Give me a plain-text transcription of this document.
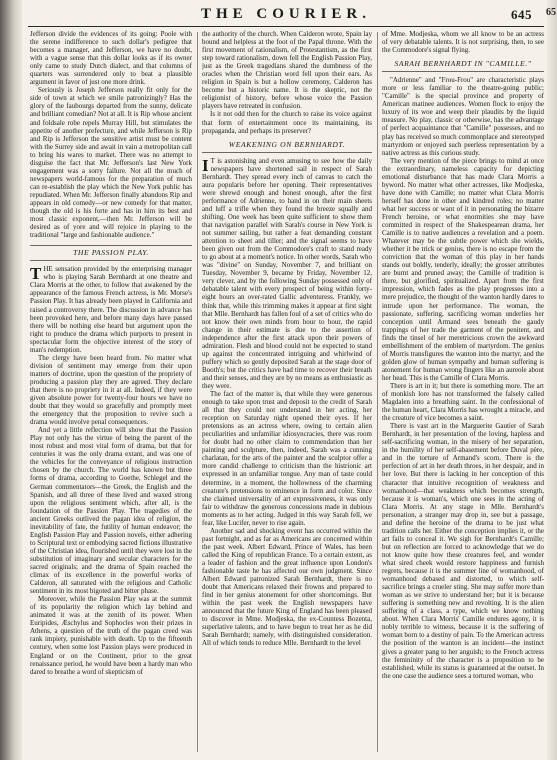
65
THE COURIER.	645

Jefferson divide the evidences of its going: Poole with the serene indifference to such dollar's pedigree that becomes a manager, and Jefferson, we have no doubt, with a vague sense that this dollar looks as if its owner only came to study Dutch dialect, and that columns of quarters was surrendered only to beat a plausible argument in favor of just one more drink.

Seriously is Joseph Jefferson really fit only for the side of town at which we smile patronizingly? Has the glory of the faubourgs departed from the sunny, delicate and brilliant comedian? Not at all. It is Rip whose ancient and foldsale robe repels Murray Hill, but stimulates the appetite of another prefecture, and while Jefferson is Rip and Rip is Jefferson the sensitive artist must be content with the Surrey side and await in vain a metropolitan call to bring his wares to market. There was no attempt to disguise the fact that Mr. Jefferson's last New York engagement was a sorry failure. Not all the much of newspapers world-famous for the preparation of much can re-establish the play which the New York public has repudiated. When Mr. Jefferson finally abandons Rip and appears in old comedy—or new comedy for that matter, though the old is his forte and has in him its best and most classic exponent,—then Mr. Jefferson will be desired as of yore and will rejoice in playing to the traditional "large and fashionable audience."

THE PASSION PLAY.

THE sensation provided by the enterprising manager who is playing Sarah Bernhardt at one theatre and Clara Morris at the other, to follow that awakened by the appearance of the famous French actress, is Mr. Morse's Passion Play. It has already been played in California and raised a controversy there. The discussion in advance has been provoked here, and before many days have passed there will be nothing else heard but argument upon the right to produce the drama which purports to present in spectacular form the objective interest of the story of man's redemption.

The clergy have been heard from. No matter what division of sentiment may emerge from their upon matters of doctrine, upon the question of the propriety of producing a passion play they are agreed. They declare that there is no propriety in it at all. Indeed, if they were given absolute power for twenty-four hours we have no doubt that they would so gracefully and promptly meet the emergency that the proposition to revive such a drama would involve penal consequences.

And yet a little reflection will show that the Passion Play not only has the virtue of being the parent of the most robust and most vital form of drama, but that for centuries it was the only drama extant, and was one of the vehicles for the conveyance of religious instruction chosen by the church. The world has known but three forms of drama, according to Goethe, Schlegel and the German commentators—the Greek, the English and the Spanish, and all three of these lived and waxed strong upon the religious sentiment which, after all, is the foundation of the Passion Play. The tragedies of the ancient Greeks outlived the pagan idea of religion, the inevitability of fate, the futility of human endeavor; the English Passion Play and Passion novels, either adhering to Scriptural text or embodying sacred fictions illustrative of the Christian idea, flourished until they were lost in the substitution of imaginary and secular characters for the sacred originals; and the drama of Spain reached the climax of its excellence in the powerful works of Calderon, all saturated with the religious and Catholic sentiment in its most bigoted and bitter phase.

Moreover, while the Passion Play was at the summit of its popularity the religion which lay behind and animated it was at the zenith of its power. When Euripides, Æschylus and Sophocles won their prizes in Athens, a question of the truth of the pagan creed was rank impiety, punishable with death. Up to the fifteenth century, when some lost Passion plays were produced in England or on the Continent, prior to the great renaissance period, he would have been a hardy man who dared to breathe a word of skepticism of

the authority of the church. When Calderon wrote, Spain lay bound and helpless at the foot of the Papal throne. With the first movement of rationalism, of Protestantism, as the first step toward rationalism, down fell the English Passion Play, just as the Greek tragedians shared the dumbness of the oracles when the Christian word fell upon their ears. As religion in Spain is but a hollow ceremony, Calderon has become but a historic name. It is the skeptic, not the religionist of history, before whose voice the Passion players have retreated in confusion.

Is it not odd then for the church to raise its voice against that form of entertainment once its maintaining, its propaganda, and perhaps its preserver?

WEAKENING ON BERNHARDT.

I T is astonishing and even amusing to see how the daily newspapers have shortened sail in respect of Sarah Bernhardt. They spread every inch of canvas to catch the aura popularis before her opening. Their representatives were shrewd enough and honest enough, after the first performance of Adrienne, to hand in on their main sheets and luff a trifle when they found the breeze squally and shifting. One week has been quite sufficient to show them that navigation parallel with Sarah's course in New York is not summer sailing, but rather a feat demanding constant attention to sheet and tiller; and the signal seems to have been given out from the Commodore's craft to stand ready to go about at a moment's notice. In other words, Sarah who was "divine" on Sunday, November 7, and brilliant on Tuesday, November 9, became by Friday, November 12, very clever, and by the following Sunday possessed only of debatable talent with every prospect of being within forty-eight hours an over-rated Gallic adventuress. Frankly, we think that, while this trimming makes it appear at first sight that Mlle. Bernhardt has fallen foul of a set of critics who do not know their own minds from hour to hour, the rapid change in their estimate is due to the assertion of independence after the first attack upon their powers of admiration. Flesh and blood could not be expected to stand up against the concentrated intriguing and whirlwind of puffery which so gently deposited Sarah at the stage door of Booth's; but the critics have had time to recover their breath and their senses, and they are by no means as enthusiastic as they were.

The fact of the matter is, that while they were generous enough to take upon trust and deposit to the credit of Sarah all that they could not understand in her acting, her reception on Saturday night opened their eyes. If her pretensions as an actress where, owing to certain alien peculiarities and unfamiliar idiosyncracies, there was room for doubt had no other claim to commendation than her painting and sculpture, then, indeed, Sarah was a cunning charlatan, for the arts of the painter and the sculptor offer a more candid challenge to criticism than the histrionic art expressed in an unfamiliar tongue. Any man of taste could determine, in a moment, the hollowness of the charming creature's pretensions to eminence in form and color. Since she claimed universality of art expressiveness, it was only fair to withdraw the generous concessions made in dubious moments as to her acting. Judged in this way Sarah fell, we fear, like Lucifer, never to rise again.

Another sad and shocking event has occurred within the past fortnight, and as far as Americans are concerned within the past week. Albert Edward, Prince of Wales, has been called the King of republican France. To a certain extent, as a leader of fashion and the great influence upon London's fashionable taste he has affected our own judgment. Since Albert Edward patronized Sarah Bernhardt, there is no doubt that Americans relaxed their frowns and prepared to find in her genius atonement for other shortcomings. But within the past week the English newspapers have announced that the future King of England has been pleased to discover in Mme. Modjeska, the ex-Countess Bozenta, superlative talents, and to have begun to treat her as he did Sarah Bernhardt; namely, with distinguished consideration. All of which tends to reduce Mlle. Bernhardt to the level

of Mme. Modjeska, whom we all know to be an actress of very debatable talents. It is not surprising, then, to see the Commodore's signal flying.

SARAH BERNHARDT IN "CAMILLE."

"Adrienne" and "Frou-Frou" are characteristic plays more or less familiar to the theatre-going public; "Camille" is the special province and property of American matinee audiences. Women flock to enjoy the luxury of its woe and weep their plaudits by the liquid measure. No play, classic or otherwise, has the advantage of perfect acquaintance that "Camille" possesses, and no play has received so much commonplace and stereotyped martyrdom or enjoyed such peerless representation by a native actress as this curious study.

The very mention of the piece brings to mind at once the extraordinary, nameless capacity for depicting emotional disturbance that has made Clara Morris a byword. No matter what other actresses, like Modjeska, have done with Camille; no matter what Clara Morris herself has done in other and kindred roles; no matter what her success or want of it in personating the bizarre French heroine, or what enormities she may have committed in respect of the Shakespearean drama, her Camille is to native audiences a revelation and a poem. Whatever may be the subtle power which she wields, whether it be trick or genius, there is no escape from the conviction that the woman of this play in her hands stands out boldly, tenderly, ideally; the grosser attributes are burnt and pruned away; the Camille of tradition is there, but glorified, spiritualized. Apart from the first impression, which fades as the play progresses into a mere prejudice, the thought of the wanton hardly dares to intrude upon her performance. The woman, the passionate, suffering, sacrificing woman underlies her conception until Armand sees beneath the gaudy trappings of her trade the garment of the penitent, and finds the tinsel of her meretricious crown the awkward embellishment of the emblem of martyrdom. The genius of Morris transfigures the wanton into the martyr, and the golden glow of human sympathy and human suffering is atonement for human wrong fingers like an aureole about her head. This is the Camille of Clara Morris.

There is art in it; but there is something more. The art of monkish lore has not transformed the falsely called Magdalen into a breathing saint. In the confessional of the human heart, Clara Morris has wrought a miracle, and the creature of vice becomes a saint.

There is vast art in the Marguerite Gautier of Sarah Bernhardt, in her presentation of the loving, hapless and self-sacrificing woman, in the misery of her separation, in the humility of her self-abasement before Duval père, and in the torture of Armand's scorn. There is the perfection of art in her death throes, in her despair, and in her love. But there is lacking in her conception of this character that intuitive recognition of weakness and womanhood—that weakness which becomes strength, because it is woman's, which one sees in the acting of Clara Morris. At any stage in Mlle. Bernhardt's personation, a stranger may drop in, see but a passage, and define the heroine of the drama to be just what tradition calls her. Either the conception implies it, or the art fails to conceal it. We sigh for Bernhardt's Camille; but on reflection are forced to acknowledge that we do not know quite how these creatures feel, and wonder what sired cheek would restore happiness and furnish regrets, because it is the summer line of womanhood, of womanhood debased and distorted, to which self-sacrifice brings a crueler sting. She may suffer more than woman as we strive to understand her; but it is because suffering is something new and revolting. It is the alien suffering of a class, a type, which we know nothing about. When Clara Morris' Camille endures agony, it is nobly terrible to witness, because it is the suffering of woman born to a destiny of pain. To the American actress the position of the wanton is an incident—the instinct gives a greater pang to her anguish; to the French actress the femininity of the character is a proposition to be established, while its status is guaranteed at the outset. In the one case the audience sees a tortured woman, who
